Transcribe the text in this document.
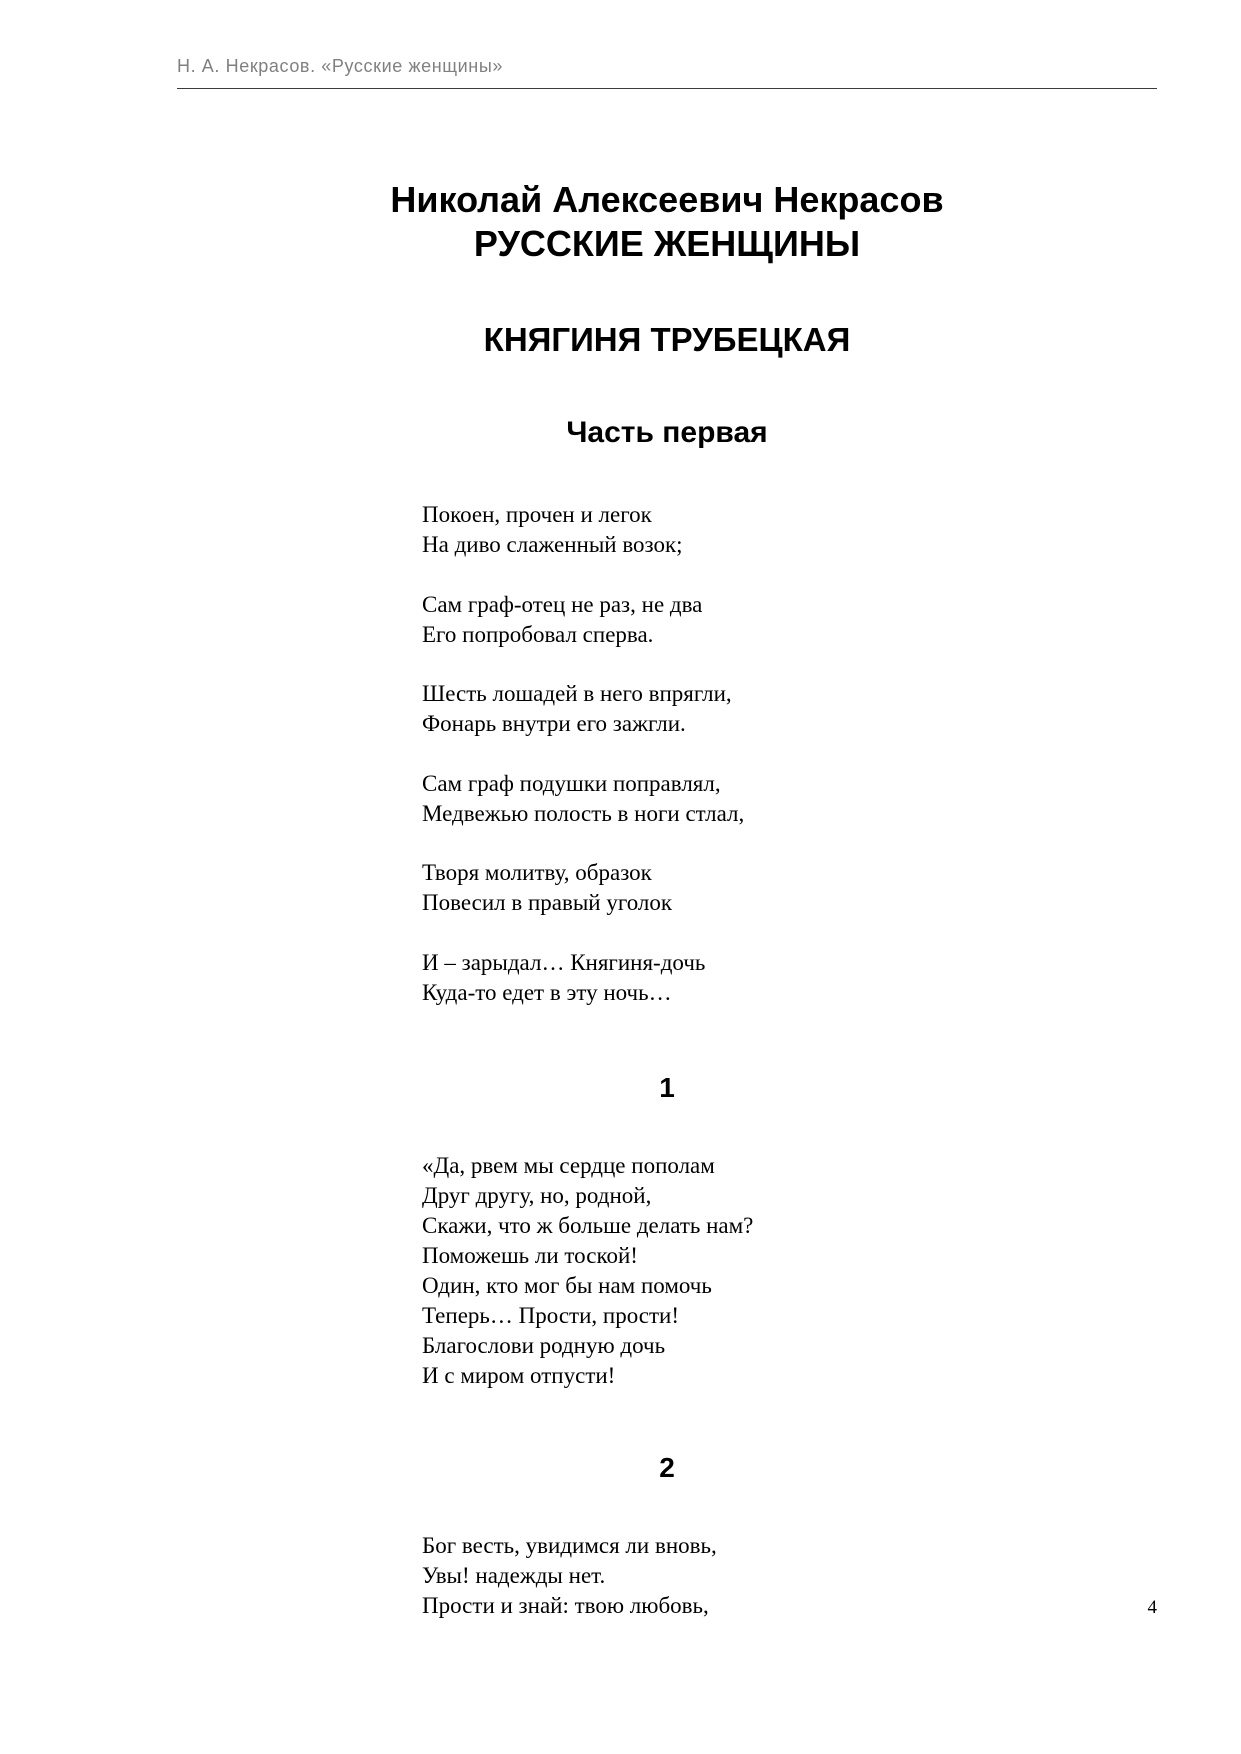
Н. А. Некрасов. «Русские женщины»
Николай Алексеевич Некрасов
РУССКИЕ ЖЕНЩИНЫ
КНЯГИНЯ ТРУБЕЦКАЯ
Часть первая
Покоен, прочен и легок
На диво слаженный возок;
Сам граф-отец не раз, не два
Его попробовал сперва.
Шесть лошадей в него впрягли,
Фонарь внутри его зажгли.
Сам граф подушки поправлял,
Медвежью полость в ноги стлал,
Творя молитву, образок
Повесил в правый уголок
И – зарыдал… Княгиня-дочь
Куда-то едет в эту ночь…
1
«Да, рвем мы сердце пополам
Друг другу, но, родной,
Скажи, что ж больше делать нам?
Поможешь ли тоской!
Один, кто мог бы нам помочь
Теперь… Прости, прости!
Благослови родную дочь
И с миром отпусти!
2
Бог весть, увидимся ли вновь,
Увы! надежды нет.
Прости и знай: твою любовь,	4
